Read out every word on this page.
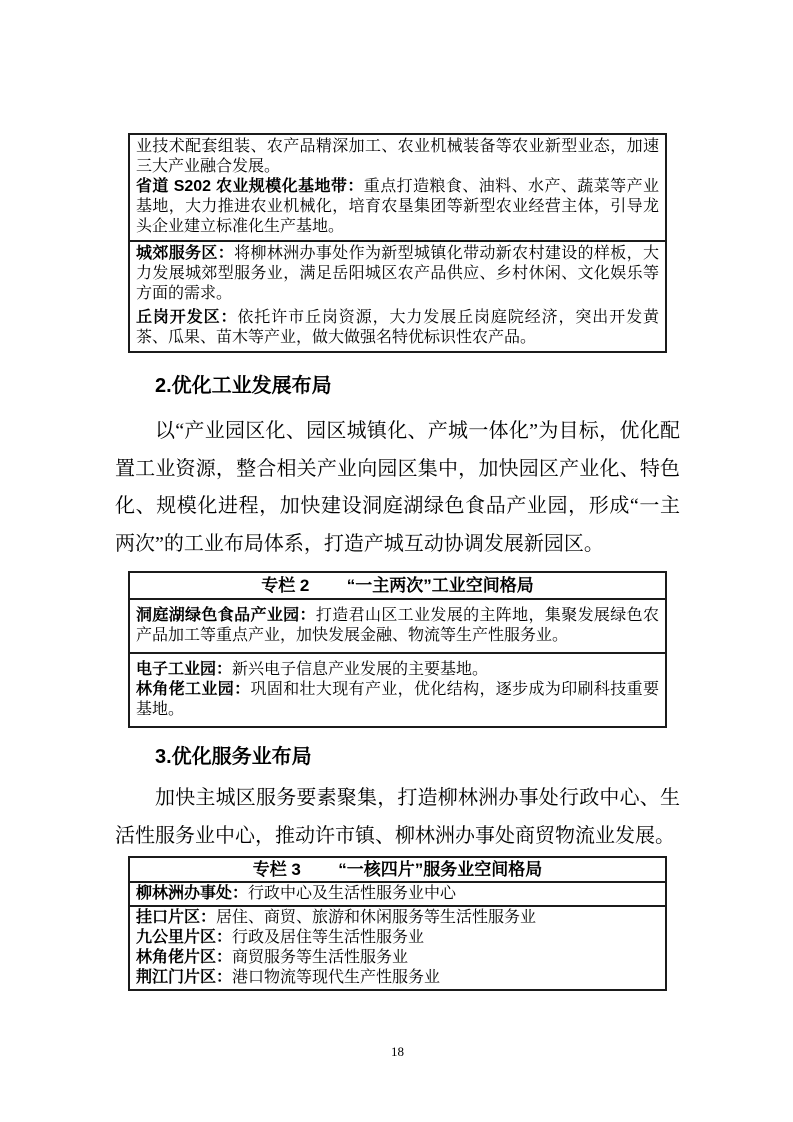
业技术配套组装、农产品精深加工、农业机械装备等农业新型业态，加速三大产业融合发展。

省道 S202 农业规模化基地带：重点打造粮食、油料、水产、蔬菜等产业基地，大力推进农业机械化，培育农垦集团等新型农业经营主体，引导龙头企业建立标准化生产基地。

城郊服务区：将柳林洲办事处作为新型城镇化带动新农村建设的样板，大力发展城郊型服务业，满足岳阳城区农产品供应、乡村休闲、文化娱乐等方面的需求。

丘岗开发区：依托许市丘岗资源，大力发展丘岗庭院经济，突出开发黄茶、瓜果、苗木等产业，做大做强名特优标识性农产品。

2.优化工业发展布局

以“产业园区化、园区城镇化、产城一体化”为目标，优化配置工业资源，整合相关产业向园区集中，加快园区产业化、特色化、规模化进程，加快建设洞庭湖绿色食品产业园，形成“一主两次”的工业布局体系，打造产城互动协调发展新园区。

专栏 2 “一主两次”工业空间格局

洞庭湖绿色食品产业园：打造君山区工业发展的主阵地，集聚发展绿色农产品加工等重点产业，加快发展金融、物流等生产性服务业。

电子工业园：新兴电子信息产业发展的主要基地。

林角佬工业园：巩固和壮大现有产业，优化结构，逐步成为印刷科技重要基地。

3.优化服务业布局

加快主城区服务要素聚集，打造柳林洲办事处行政中心、生活性服务业中心，推动许市镇、柳林洲办事处商贸物流业发展。

专栏 3 “一核四片”服务业空间格局

柳林洲办事处：行政中心及生活性服务业中心

挂口片区：居住、商贸、旅游和休闲服务等生活性服务业

九公里片区：行政及居住等生活性服务业

林角佬片区：商贸服务等生活性服务业

荆江门片区：港口物流等现代生产性服务业

18
